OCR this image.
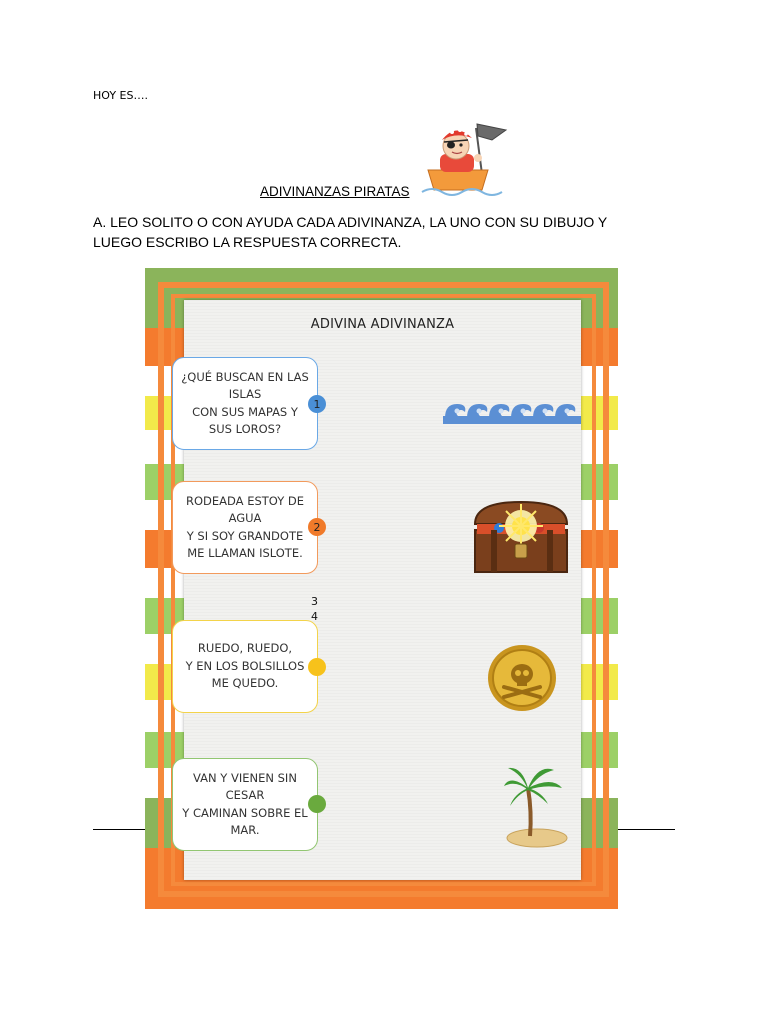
HOY ES….
ADIVINANZAS PIRATAS
A. LEO SOLITO O CON AYUDA CADA ADIVINANZA, LA UNO CON SU DIBUJO Y
LUEGO ESCRIBO LA RESPUESTA CORRECTA.
ADIVINA ADIVINANZA
¿QUÉ BUSCAN EN LAS
ISLAS
CON SUS MAPAS Y
SUS LOROS?
1
RODEADA ESTOY DE
AGUA
Y SI SOY GRANDOTE
ME LLAMAN ISLOTE.
2
3
4
RUEDO, RUEDO,
Y EN LOS BOLSILLOS
ME QUEDO.
VAN Y VIENEN SIN
CESAR
Y CAMINAN SOBRE EL
MAR.
